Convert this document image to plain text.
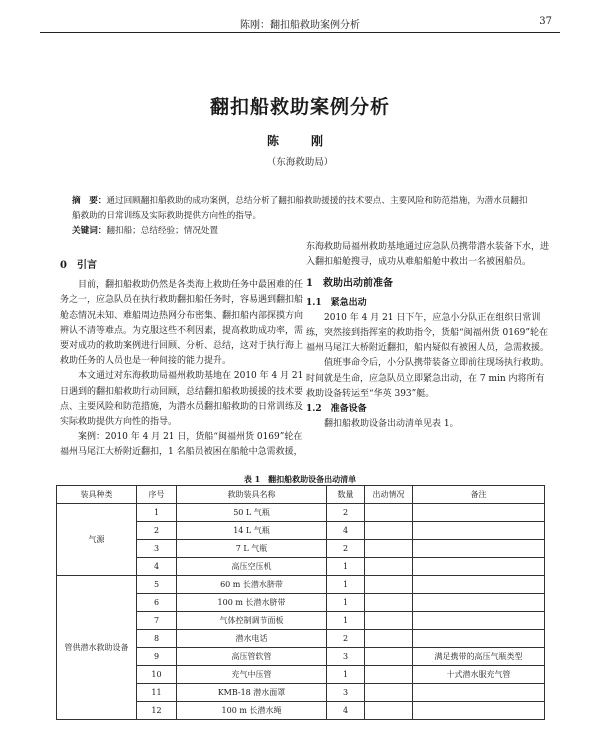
陈刚：翻扣船救助案例分析	37
翻扣船救助案例分析
陈　刚
（东海救助局）
摘　要：通过回顾翻扣船救助的成功案例，总结分析了翻扣船救助援援的技术要点、主要风险和防范措施，为潜水员翻扣船救助的日常训练及实际救助提供方向性的指导。
关键词：翻扣船；总结经验；情况处置

0　引言

目前，翻扣船救助仍然是各类海上救助任务中最困难的任务之一，应急队员在执行救助翻扣船任务时，容易遇到翻扣船舱态情况未知、难船周边热网分布密集、翻扣船内部探摸方向辨认不清等难点。为克服这些不利因素，提高救助成功率，需要对成功的救助案例进行回顾、分析、总结，这对于执行海上救助任务的人员也是一种间接的能力提升。

本文通过对东海救助局福州救助基地在 2010 年 4 月 21 日遇到的翻扣船救助行动回顾，总结翻扣船救助援援的技术要点、主要风险和防范措施，为潜水员翻扣船救助的日常训练及实际救助提供方向性的指导。

案例：2010 年 4 月 21 日，货船“闽福州货 0169”轮在福州马尾江大桥附近翻扣，1 名船员被困在船舱中急需救援，

东海救助局福州救助基地通过应急队员携带潜水装备下水，进入翻扣船舱搜寻，成功从难船船舱中救出一名被困船员。

1　救助出动前准备

1.1　紧急出动

2010 年 4 月 21 日下午，应急小分队正在组织日常训练，突然接到指挥室的救助指令，货船“闽福州货 0169”轮在福州马尾江大桥附近翻扣，船内疑似有被困人员，急需救援。

值班事命令后，小分队携带装备立即前往现场执行救助。时间就是生命，应急队员立即紧急出动，在 7 min 内将所有救助设备转运至“华英 393”艇。

1.2　准备设备

翻扣船救助设备出动清单见表 1。

表 1　翻扣船救助设备出动清单
装具种类	序号	救助装具名称	数量	出动情况	备注
气源	1	50 L 气瓶	2		
	2	14 L 气瓶	4		
	3	7 L 气瓶	2		
	4	高压空压机	1		
管供潜水救助设备	5	60 m 长潜水脐带	1		
	6	100 m 长潜水脐带	1		
	7	气体控制调节面板	1		
	8	潜水电话	2		
	9	高压管软管	3		满足携带的高压气瓶类型
	10	充气中压管	1		十式潜水服充气管
	11	KMB-18 潜水面罩	3		
	12	100 m 长潜水绳	4		
